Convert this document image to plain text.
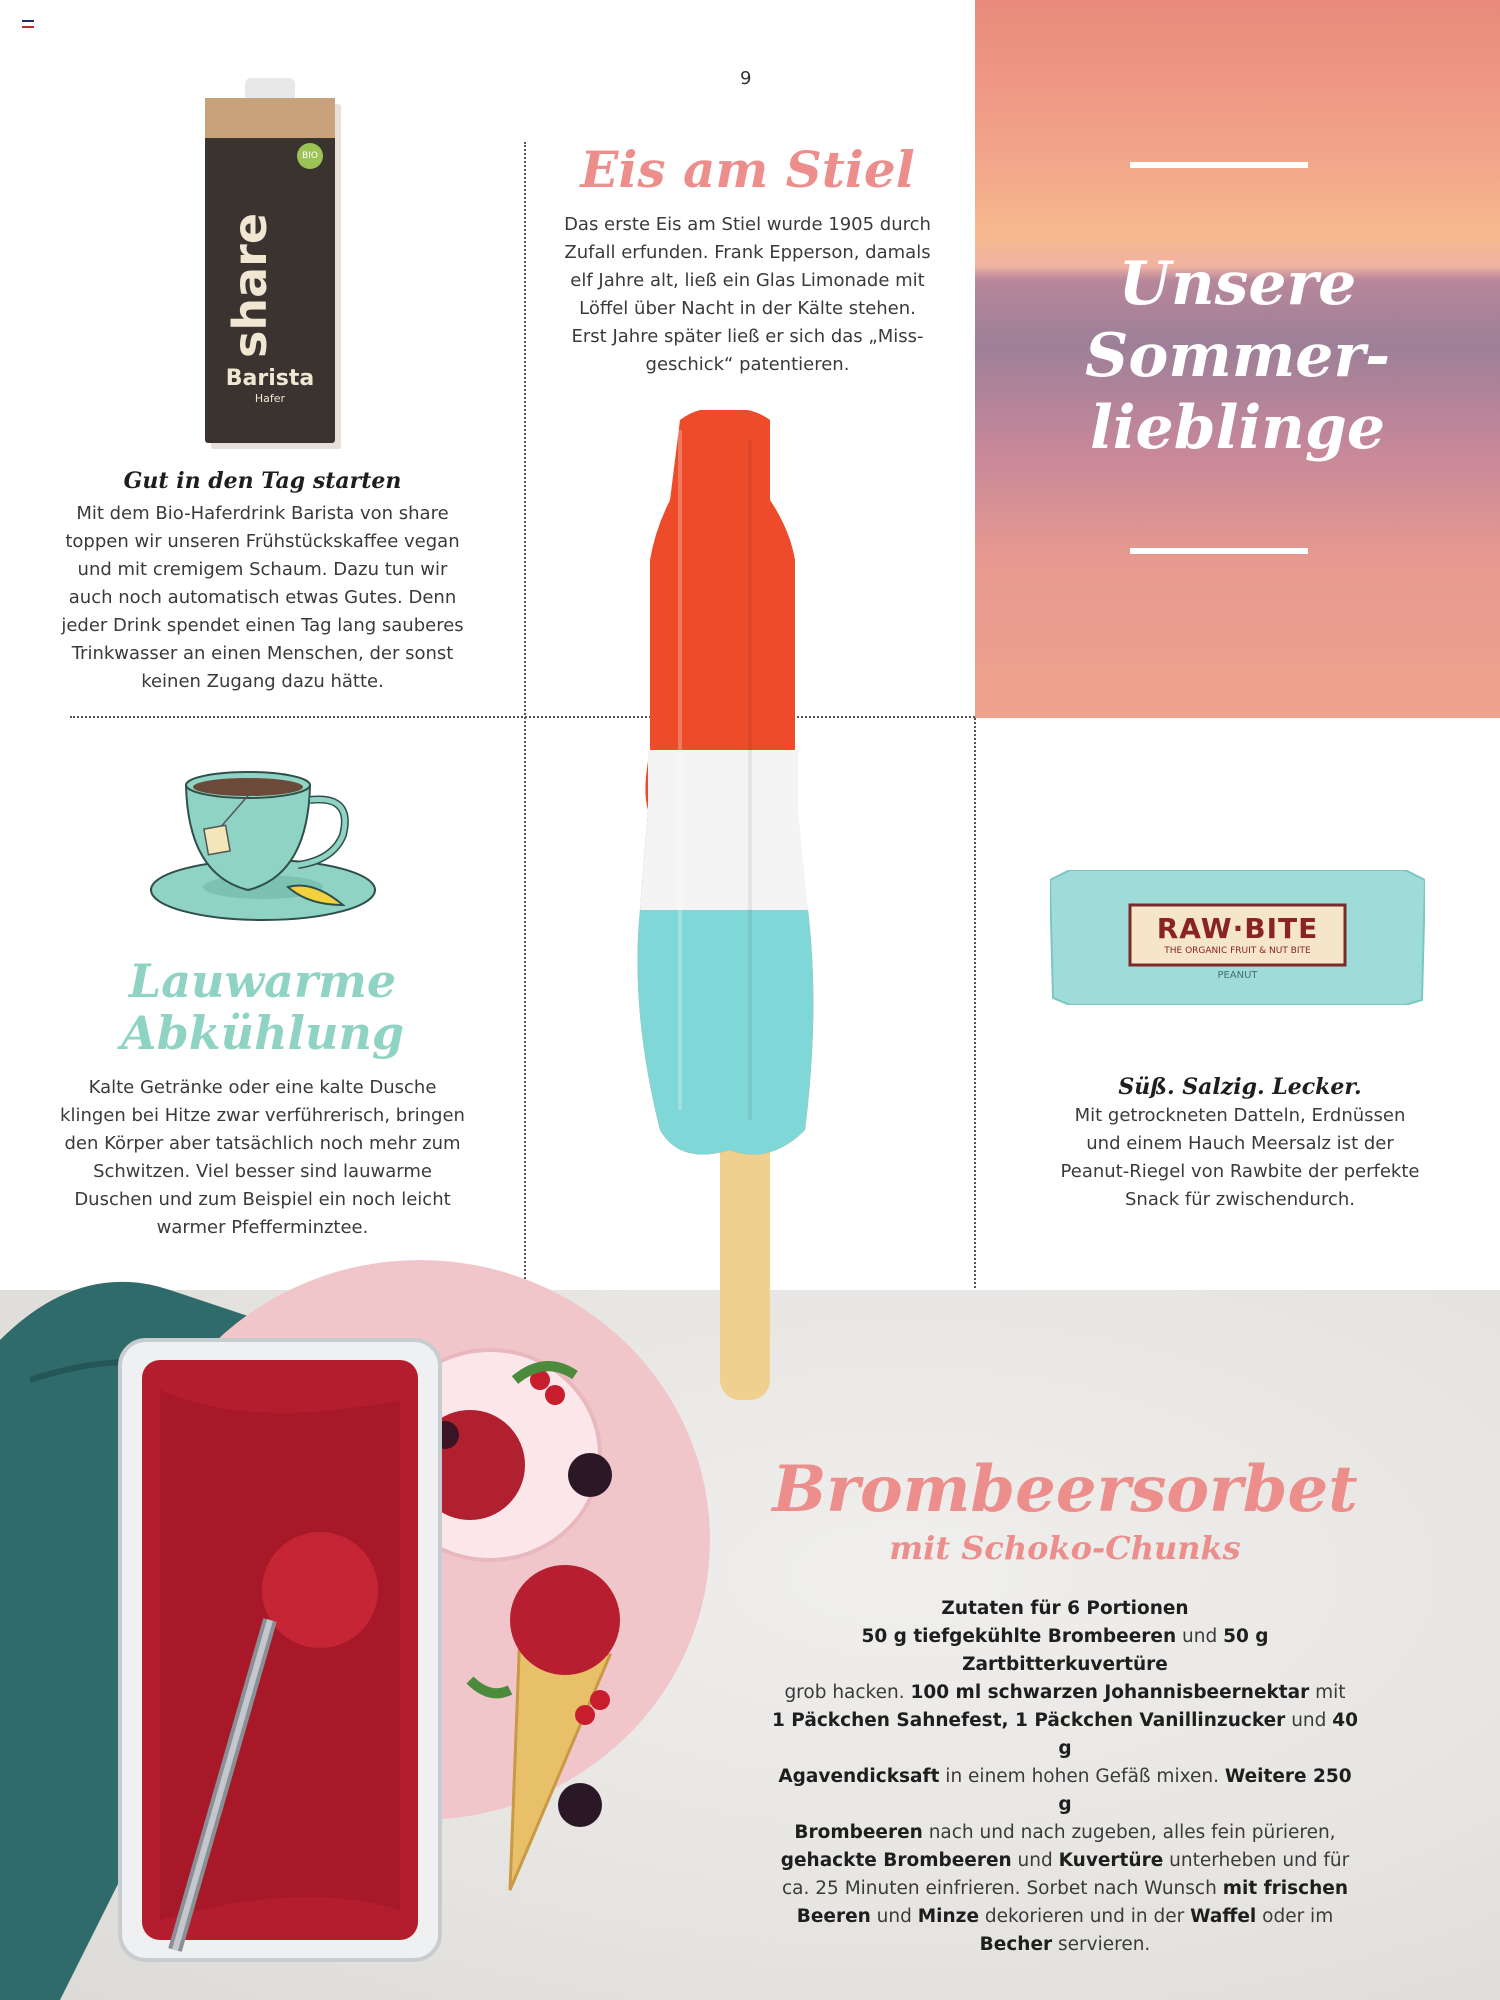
9
Unsere
Sommer-
lieblinge
BIO
share
Barista
Hafer
Gut in den Tag starten
Mit dem Bio-Haferdrink Barista von share
toppen wir unseren Frühstückskaffee vegan
und mit cremigem Schaum. Dazu tun wir
auch noch automatisch etwas Gutes. Denn
jeder Drink spendet einen Tag lang sauberes
Trinkwasser an einen Menschen, der sonst
keinen Zugang dazu hätte.
Eis am Stiel
Das erste Eis am Stiel wurde 1905 durch
Zufall erfunden. Frank Epperson, damals
elf Jahre alt, ließ ein Glas Limonade mit
Löffel über Nacht in der Kälte stehen.
Erst Jahre später ließ er sich das „Miss-
geschick“ patentieren.
Lauwarme
Abkühlung
Kalte Getränke oder eine kalte Dusche
klingen bei Hitze zwar verführerisch, bringen
den Körper aber tatsächlich noch mehr zum
Schwitzen. Viel besser sind lauwarme
Duschen und zum Beispiel ein noch leicht
warmer Pfefferminztee.
RAW·BITE
THE ORGANIC FRUIT & NUT BITE
PEANUT
Süß. Salzig. Lecker.
Mit getrockneten Datteln, Erdnüssen
und einem Hauch Meersalz ist der
Peanut-Riegel von Rawbite der perfekte
Snack für zwischendurch.
Brombeersorbet
mit Schoko-Chunks
Zutaten für 6 Portionen
50 g tiefgekühlte Brombeeren und 50 g Zartbitterkuvertüre
grob hacken. 100 ml schwarzen Johannisbeernektar mit
1 Päckchen Sahnefest, 1 Päckchen Vanillinzucker und 40 g
Agavendicksaft in einem hohen Gefäß mixen. Weitere 250 g
Brombeeren nach und nach zugeben, alles fein pürieren,
gehackte Brombeeren und Kuvertüre unterheben und für
ca. 25 Minuten einfrieren. Sorbet nach Wunsch mit frischen
Beeren und Minze dekorieren und in der Waffel oder im
Becher servieren.
